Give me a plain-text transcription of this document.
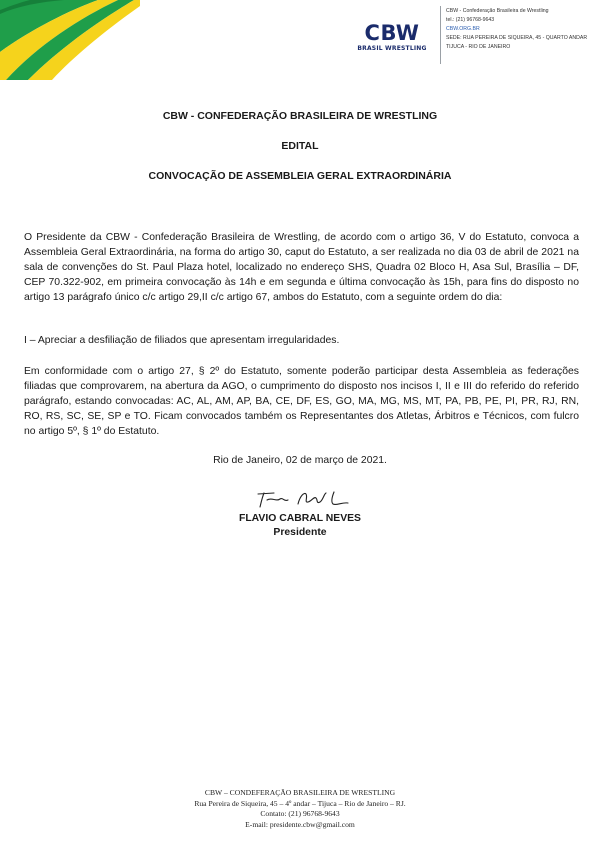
CBW
BRASIL WRESTLING
CBW - Confederação Brasileira de Wrestling
tel.: (21) 96768-9643
CBW.ORG.BR
SEDE: RUA PEREIRA DE SIQUEIRA, 45 - QUARTO ANDAR
TIJUCA - RIO DE JANEIRO
CBW - CONFEDERAÇÃO BRASILEIRA DE WRESTLING
EDITAL
CONVOCAÇÃO DE ASSEMBLEIA GERAL EXTRAORDINÁRIA

O Presidente da CBW - Confederação Brasileira de Wrestling, de acordo com o artigo 36, V do Estatuto, convoca a Assembleia Geral Extraordinária, na forma do artigo 30, caput do Estatuto, a ser realizada no dia 03 de abril de 2021 na sala de convenções do St. Paul Plaza hotel, localizado no endereço SHS, Quadra 02 Bloco H, Asa Sul, Brasília – DF, CEP 70.322-902, em primeira convocação às 14h e em segunda e última convocação às 15h, para fins do disposto no artigo 13 parágrafo único c/c artigo 29,II c/c artigo 67, ambos do Estatuto, com a seguinte ordem do dia:

I – Apreciar a desfiliação de filiados que apresentam irregularidades.

Em conformidade com o artigo 27, § 2º do Estatuto, somente poderão participar desta Assembleia as federações filiadas que comprovarem, na abertura da AGO, o cumprimento do disposto nos incisos I, II e III do referido do referido parágrafo, estando convocadas: AC, AL, AM, AP, BA, CE, DF, ES, GO, MA, MG, MS, MT, PA, PB, PE, PI, PR, RJ, RN, RO, RS, SC, SE, SP e TO. Ficam convocados também os Representantes dos Atletas, Árbitros e Técnicos, com fulcro no artigo 5º, § 1º do Estatuto.

Rio de Janeiro, 02 de março de 2021.
FLAVIO CABRAL NEVES
Presidente
CBW – CONDEFERAÇÃO BRASILEIRA DE WRESTLING
Rua Pereira de Siqueira, 45 – 4º andar – Tijuca – Rio de Janeiro – RJ.
Contato: (21) 96768-9643
E-mail: presidente.cbw@gmail.com
